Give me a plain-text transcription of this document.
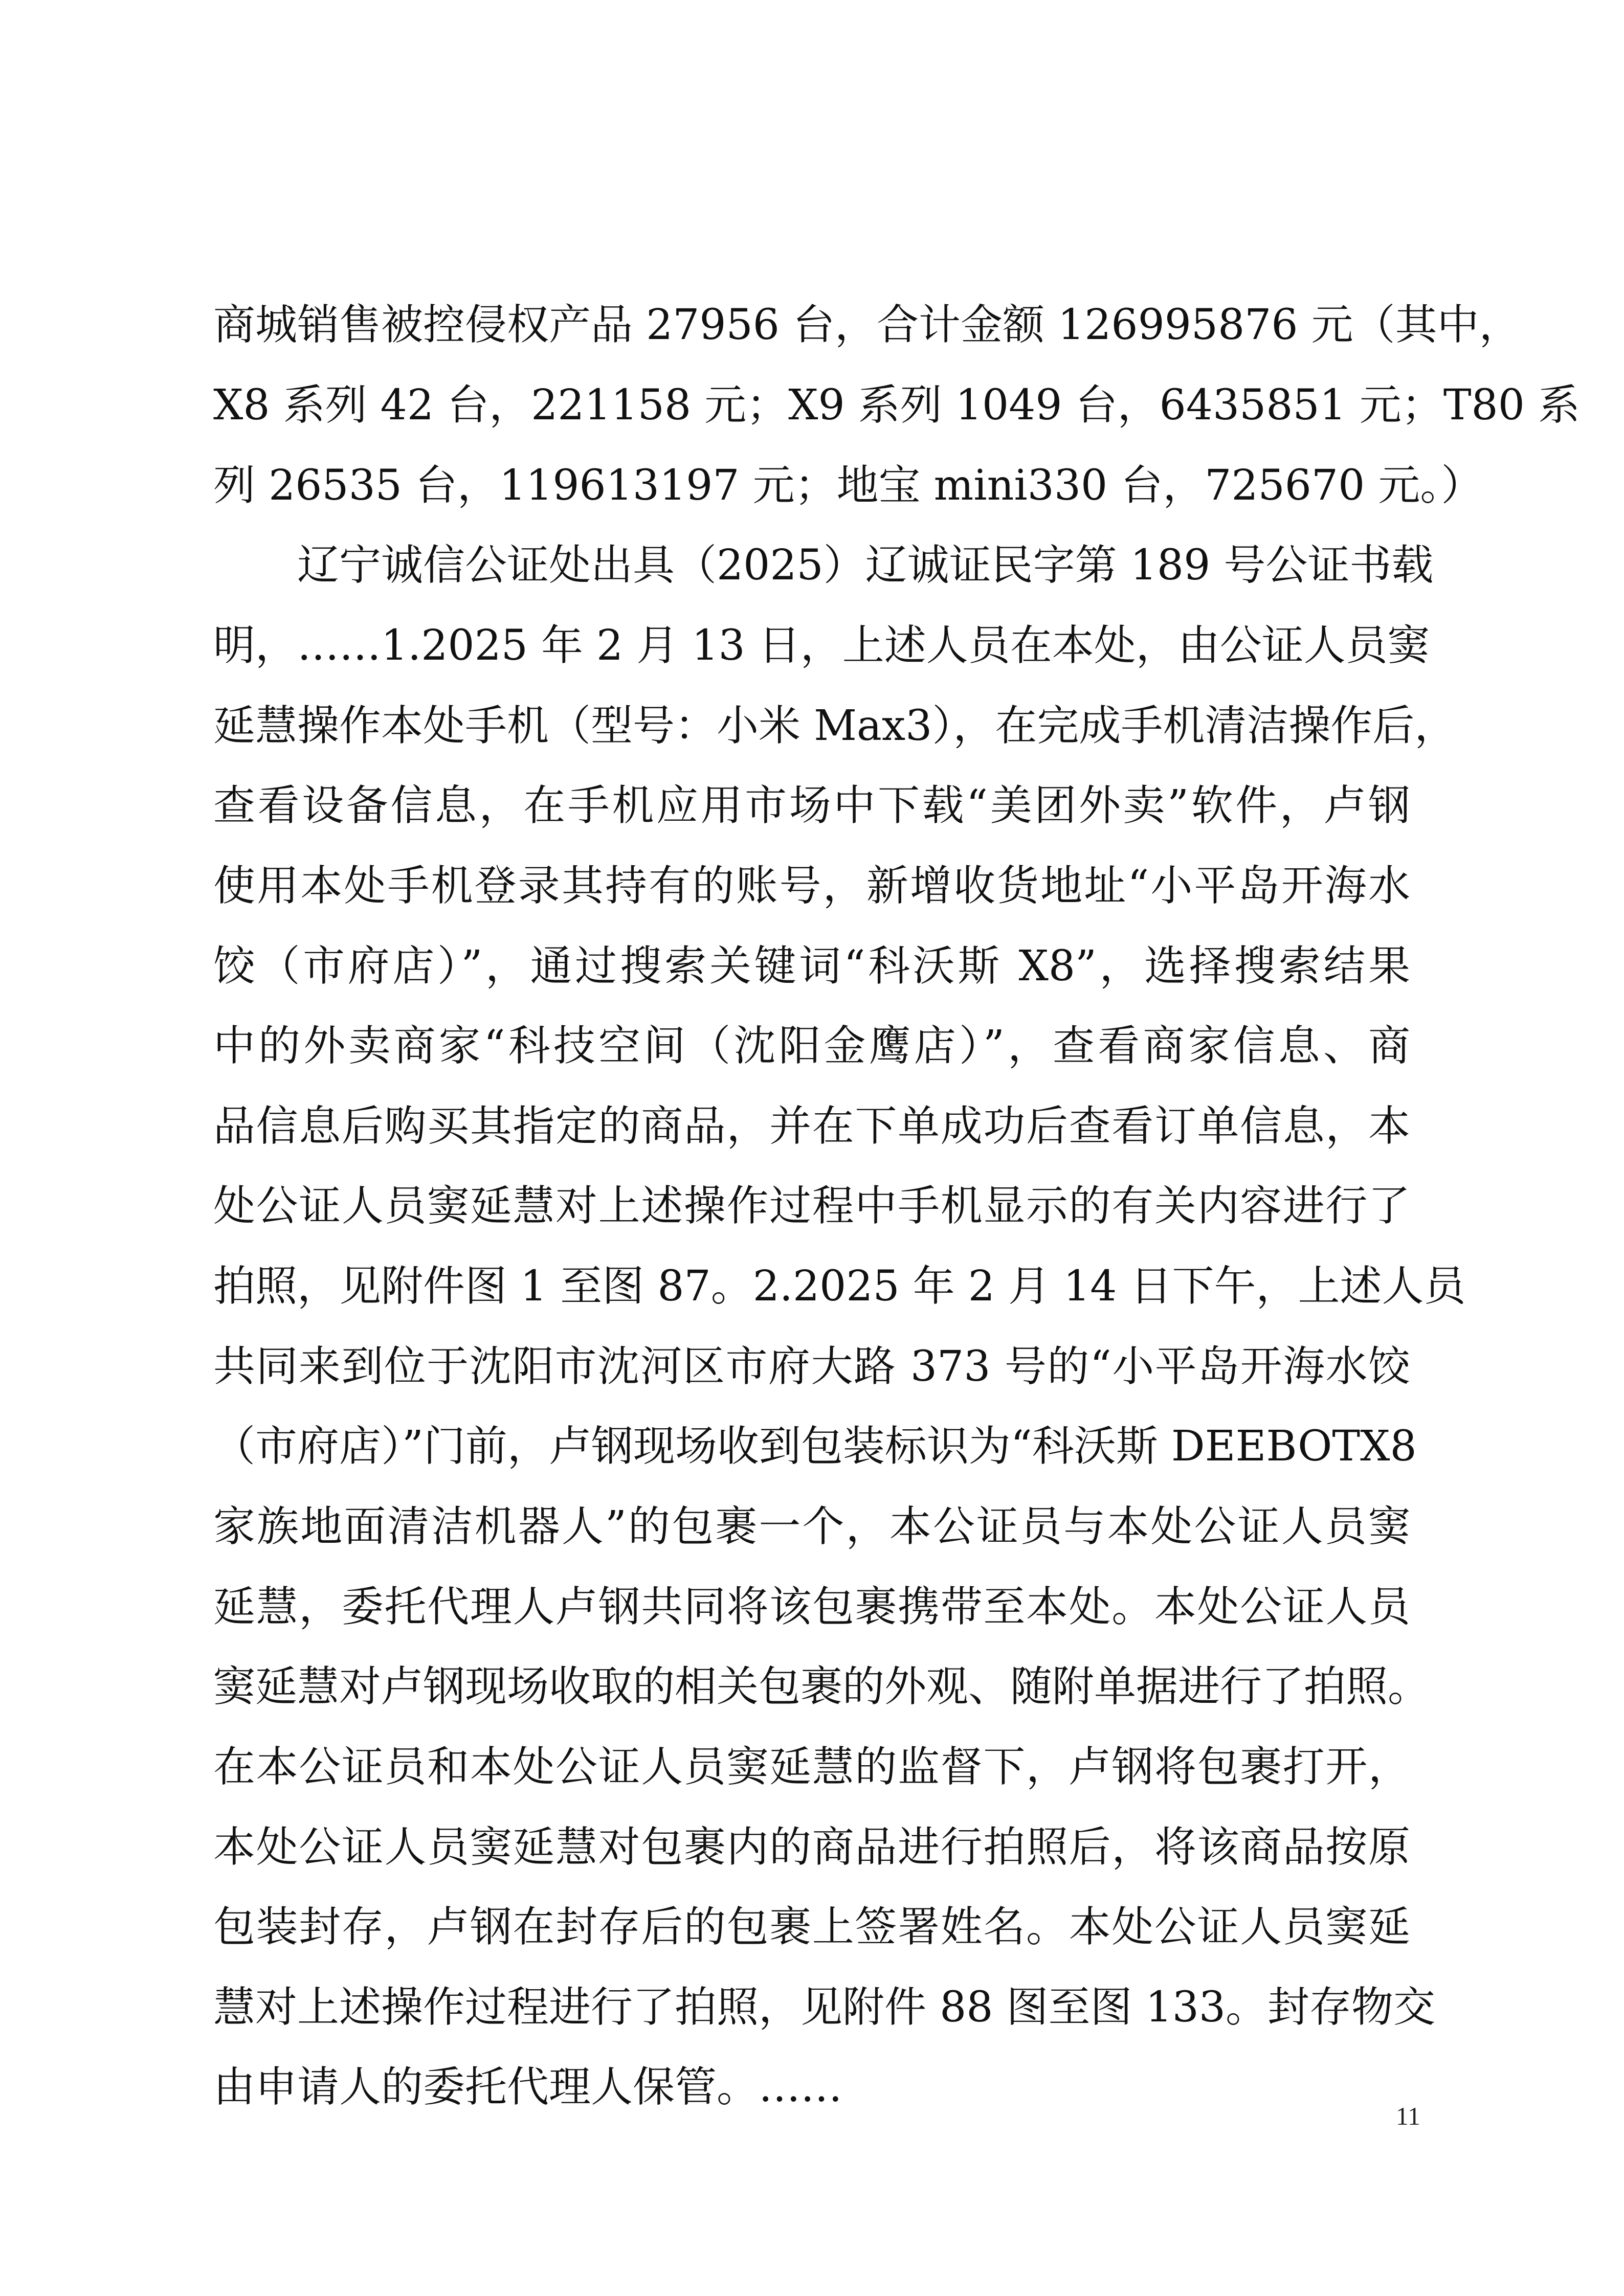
商城销售被控侵权产品 27956 台，合计金额 126995876 元（其中，
X8 系列 42 台，221158 元；X9 系列 1049 台，6435851 元；T80 系
列 26535 台，119613197 元；地宝 mini330 台，725670 元。）
辽宁诚信公证处出具（2025）辽诚证民字第 189 号公证书载
明，……1.2025 年 2 月 13 日，上述人员在本处，由公证人员窦
延慧操作本处手机（型号：小米 Max3），在完成手机清洁操作后，
查看设备信息，在手机应用市场中下载“美团外卖”软件，卢钢
使用本处手机登录其持有的账号，新增收货地址“小平岛开海水
饺（市府店）”，通过搜索关键词“科沃斯 X8”，选择搜索结果
中的外卖商家“科技空间（沈阳金鹰店）”，查看商家信息、商
品信息后购买其指定的商品，并在下单成功后查看订单信息，本
处公证人员窦延慧对上述操作过程中手机显示的有关内容进行了
拍照，见附件图 1 至图 87。2.2025 年 2 月 14 日下午，上述人员
共同来到位于沈阳市沈河区市府大路 373 号的“小平岛开海水饺
（市府店）”门前，卢钢现场收到包装标识为“科沃斯 DEEBOTX8
家族地面清洁机器人”的包裹一个，本公证员与本处公证人员窦
延慧，委托代理人卢钢共同将该包裹携带至本处。本处公证人员
窦延慧对卢钢现场收取的相关包裹的外观、随附单据进行了拍照。
在本公证员和本处公证人员窦延慧的监督下，卢钢将包裹打开，
本处公证人员窦延慧对包裹内的商品进行拍照后，将该商品按原
包装封存，卢钢在封存后的包裹上签署姓名。本处公证人员窦延
慧对上述操作过程进行了拍照，见附件 88 图至图 133。封存物交
由申请人的委托代理人保管。……
11
